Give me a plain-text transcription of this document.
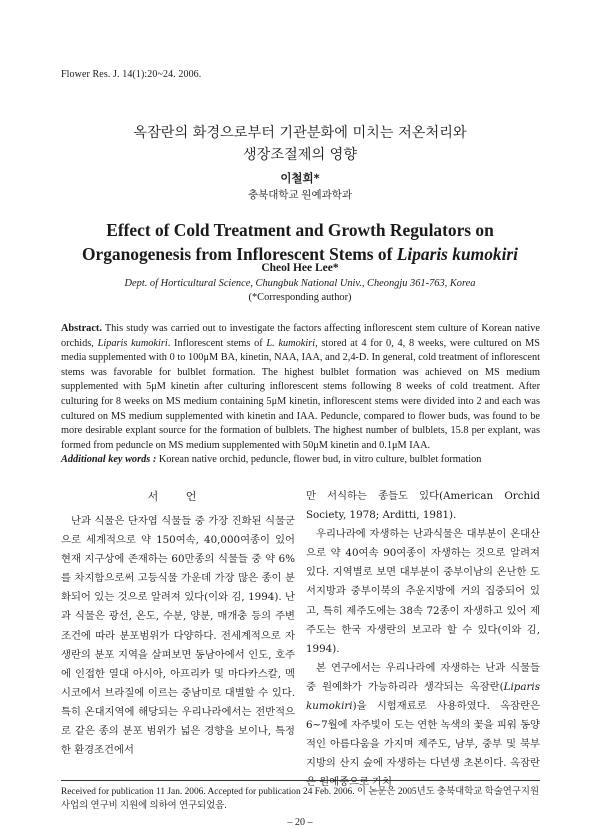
Flower Res. J. 14(1):20~24. 2006.
옥잠란의 화경으로부터 기관분화에 미치는 저온처리와
생장조절제의 영향
이철희*
충북대학교 원예과학과
Effect of Cold Treatment and Growth Regulators on
Organogenesis from Inflorescent Stems of Liparis kumokiri
Cheol Hee Lee*
Dept. of Horticultural Science, Chungbuk National Univ., Cheongju 361-763, Korea
(*Corresponding author)

Abstract. This study was carried out to investigate the factors affecting inflorescent stem culture of Korean native orchids, Liparis kumokiri. Inflorescent stems of L. kumokiri, stored at 4 for 0, 4, 8 weeks, were cultured on MS media supplemented with 0 to 100μM BA, kinetin, NAA, IAA, and 2,4-D. In general, cold treatment of inflorescent stems was favorable for bulblet formation. The highest bulblet formation was achieved on MS medium supplemented with 5μM kinetin after culturing inflorescent stems following 8 weeks of cold treatment. After culturing for 8 weeks on MS medium containing 5μM kinetin, inflorescent stems were divided into 2 and each was cultured on MS medium supplemented with kinetin and IAA. Peduncle, compared to flower buds, was found to be more desirable explant source for the formation of bulblets. The highest number of bulblets, 15.8 per explant, was formed from peduncle on MS medium supplemented with 50μM kinetin and 0.1μM IAA.

Additional key words : Korean native orchid, peduncle, flower bud, in vitro culture, bulblet formation

서 언

난과 식물은 단자엽 식물들 중 가장 진화된 식물군으로 세계적으로 약 150여속, 40,000여종이 있어 현재 지구상에 존재하는 60만종의 식물들 중 약 6%를 차지함으로써 고등식물 가운데 가장 많은 종이 분화되어 있는 것으로 알려져 있다(이와 김, 1994). 난과 식물은 광선, 온도, 수분, 양분, 매개충 등의 주변조건에 따라 분포범위가 다양하다. 전세계적으로 자생란의 분포 지역을 살펴보면 동남아에서 인도, 호주에 인접한 열대 아시아, 아프리카 및 마다카스칼, 멕시코에서 브라질에 이르는 중남미로 대별할 수 있다. 특히 온대지역에 해당되는 우리나라에서는 전반적으로 같은 종의 분포 범위가 넓은 경향을 보이나, 특정한 환경조건에서

만 서식하는 종들도 있다(American Orchid Society, 1978; Arditti, 1981).

우리나라에 자생하는 난과식물은 대부분이 온대산으로 약 40여속 90여종이 자생하는 것으로 알려져 있다. 지역별로 보면 대부분이 중부이남의 온난한 도서지방과 중부이북의 추운지방에 거의 집중되어 있고, 특히 제주도에는 38속 72종이 자생하고 있어 제주도는 한국 자생란의 보고라 할 수 있다(이와 김, 1994).

본 연구에서는 우리나라에 자생하는 난과 식물들 중 원예화가 가능하리라 생각되는 옥잠란(Liparis kumokiri)을 시험재료로 사용하였다. 옥잠란은 6~7월에 자주빛이 도는 연한 녹색의 꽃을 피워 동양적인 아름다움을 가지며 제주도, 남부, 중부 및 북부지방의 산지 숲에 자생하는 다년생 초본이다. 옥잠란은 원예종으로 가치

Received for publication 11 Jan. 2006. Accepted for publication 24 Feb. 2006. 이 논문은 2005년도 충북대학교 학술연구지원사업의 연구비 지원에 의하여 연구되었음.
– 20 –
